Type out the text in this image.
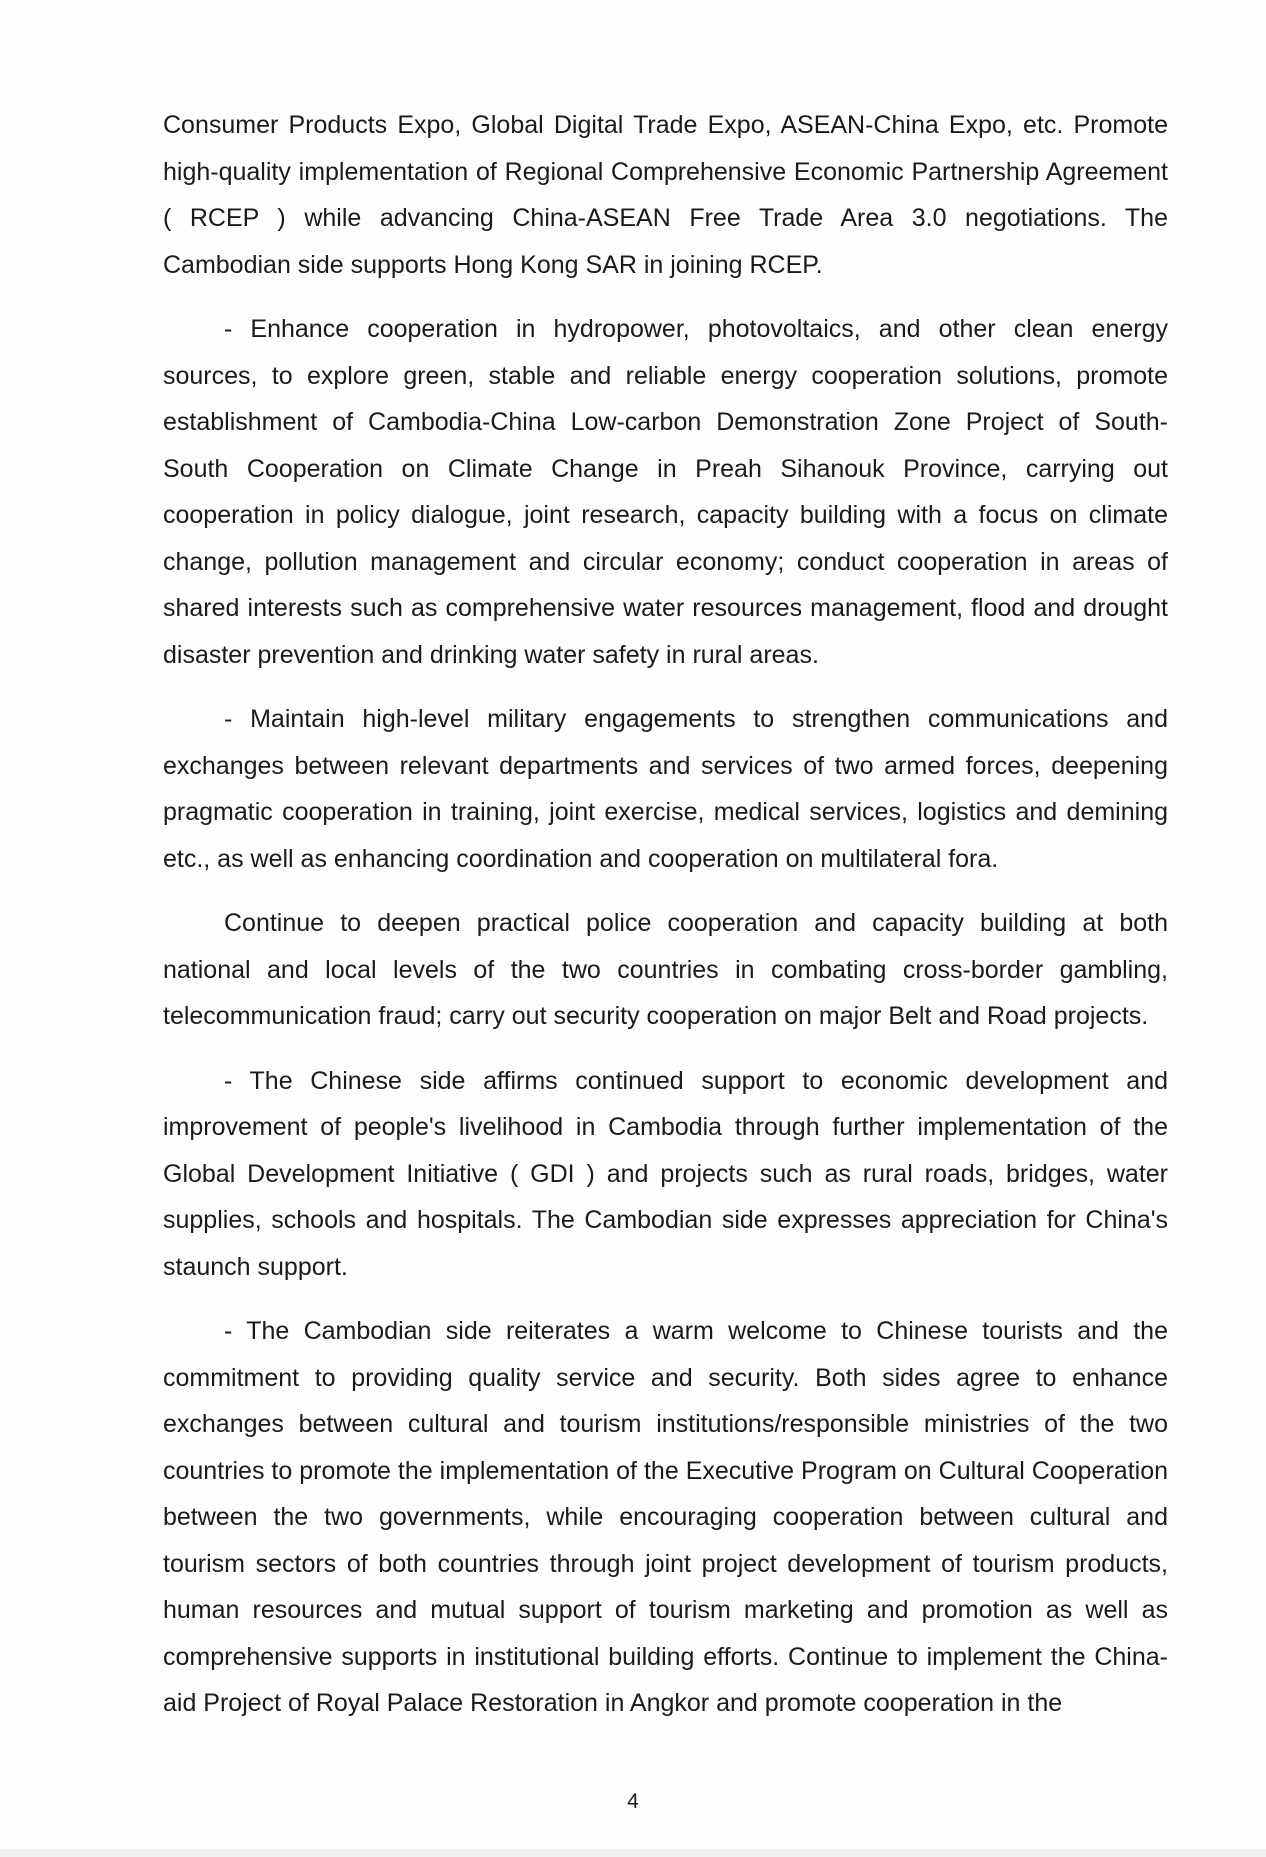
Consumer Products Expo, Global Digital Trade Expo, ASEAN-China Expo, etc. Promote high-quality implementation of Regional Comprehensive Economic Partnership Agreement ( RCEP ) while advancing China-ASEAN Free Trade Area 3.0 negotiations. The Cambodian side supports Hong Kong SAR in joining RCEP.

- Enhance cooperation in hydropower, photovoltaics, and other clean energy sources, to explore green, stable and reliable energy cooperation solutions, promote establishment of Cambodia-China Low-carbon Demonstration Zone Project of South-South Cooperation on Climate Change in Preah Sihanouk Province, carrying out cooperation in policy dialogue, joint research, capacity building with a focus on climate change, pollution management and circular economy; conduct cooperation in areas of shared interests such as comprehensive water resources management, flood and drought disaster prevention and drinking water safety in rural areas.

- Maintain high-level military engagements to strengthen communications and exchanges between relevant departments and services of two armed forces, deepening pragmatic cooperation in training, joint exercise, medical services, logistics and demining etc., as well as enhancing coordination and cooperation on multilateral fora.

Continue to deepen practical police cooperation and capacity building at both national and local levels of the two countries in combating cross-border gambling, telecommunication fraud; carry out security cooperation on major Belt and Road projects.

- The Chinese side affirms continued support to economic development and improvement of people's livelihood in Cambodia through further implementation of the Global Development Initiative ( GDI ) and projects such as rural roads, bridges, water supplies, schools and hospitals. The Cambodian side expresses appreciation for China's staunch support.

- The Cambodian side reiterates a warm welcome to Chinese tourists and the commitment to providing quality service and security. Both sides agree to enhance exchanges between cultural and tourism institutions/responsible ministries of the two countries to promote the implementation of the Executive Program on Cultural Cooperation between the two governments, while encouraging cooperation between cultural and tourism sectors of both countries through joint project development of tourism products, human resources and mutual support of tourism marketing and promotion as well as comprehensive supports in institutional building efforts. Continue to implement the China-aid Project of Royal Palace Restoration in Angkor and promote cooperation in the

4
